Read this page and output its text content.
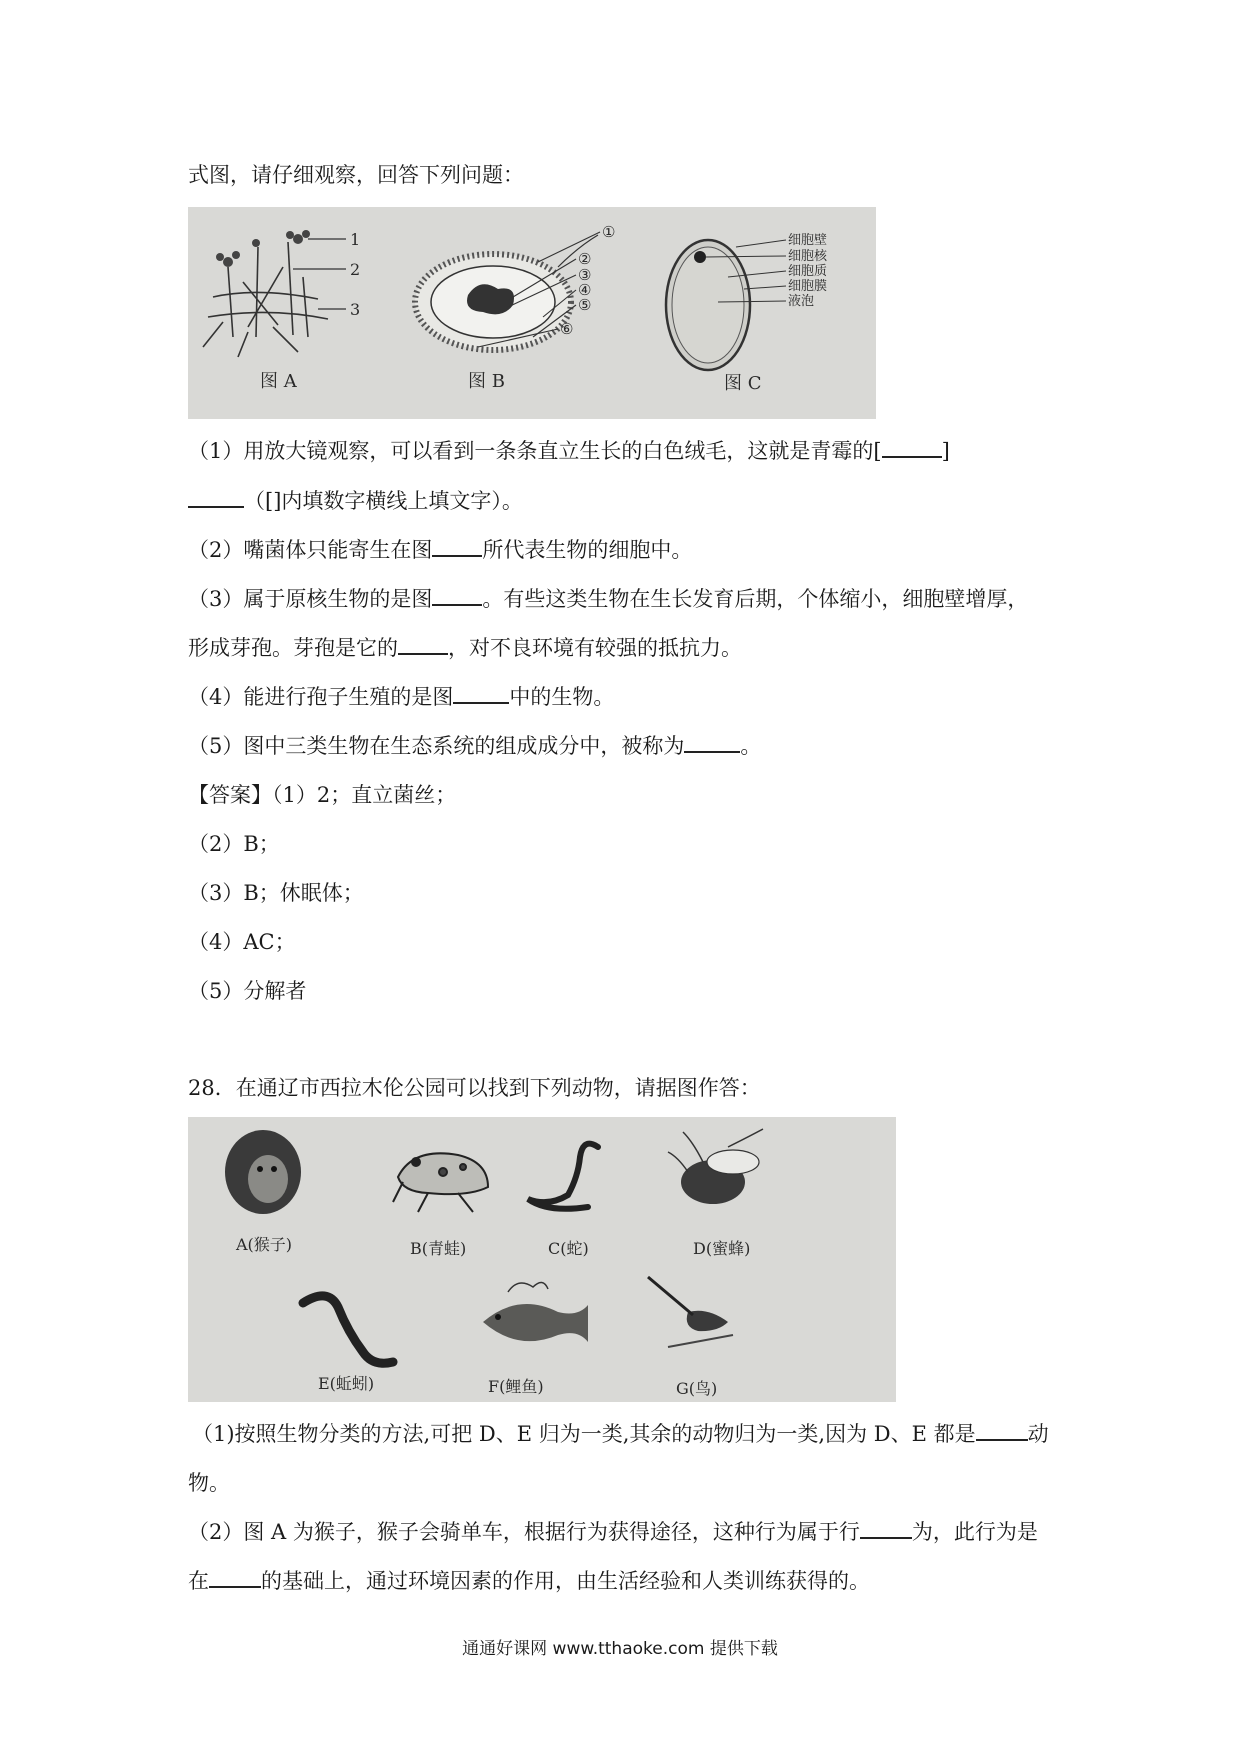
式图，请仔细观察，回答下列问题：
1
2
3
图 A
①
②
③
④
⑤
⑥
图 B
细胞壁
细胞核
细胞质
细胞膜
液泡
图 C
（1）用放大镜观察，可以看到一条条直立生长的白色绒毛，这就是青霉的[	]
（[]内填数字横线上填文字）。
（2）嘴菌体只能寄生在图 所代表生物的细胞中。
（3）属于原核生物的是图 。有些这类生物在生长发育后期，个体缩小，细胞壁增厚，
形成芽孢。芽孢是它的 ，对不良环境有较强的抵抗力。
（4）能进行孢子生殖的是图	中的生物。
（5）图中三类生物在生态系统的组成成分中，被称为	。
【答案】（1）2；直立菌丝；
（2）B；
（3）B；休眠体；
（4）AC；
（5）分解者
28．在通辽市西拉木伦公园可以找到下列动物，请据图作答：
A(猴子)	B(青蛙)	C(蛇)	D(蜜蜂)
E(蚯蚓)	F(鲤鱼)	G(鸟)
（1)按照生物分类的方法,可把 D、E 归为一类,其余的动物归为一类,因为 D、E 都是 动
物。
（2）图 A 为猴子，猴子会骑单车，根据行为获得途径，这种行为属于行 为，此行为是
在 的基础上，通过环境因素的作用，由生活经验和人类训练获得的。
通通好课网 www.tthaoke.com 提供下载
